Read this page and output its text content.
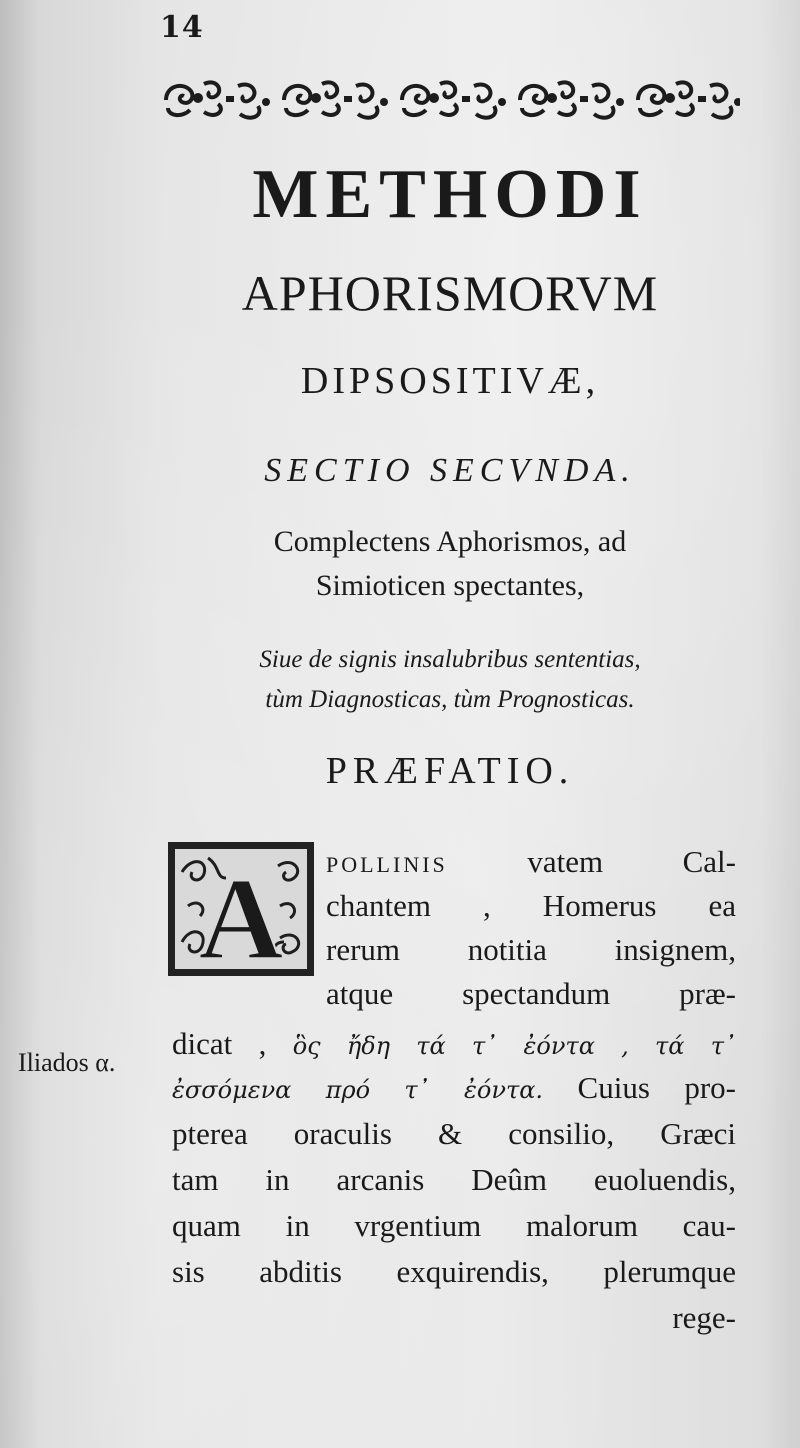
14
METHODI
APHORISMORVM
DIPSOSITIVÆ,
SECTIO SECVNDA.
Complectens Aphorismos, ad
Simioticen spectantes,
Siue de signis insalubribus sententias,
tùm Diagnosticas, tùm Prognosticas.
PRÆFATIO.
A POLLINIS	vatem Cal-
chantem , Homerus ea
rerum notitia insignem,
atque spectandum præ-
Iliados α.
dicat , ὃς ἤδη τά τ᾽ ἐόντα , τά τ᾽
ἐσσόμενα πρό τ᾽ ἐόντα. Cuius pro-
pterea oraculis & consilio, Græci
tam in arcanis Deûm euoluendis,
quam in vrgentium malorum cau-
sis abditis exquirendis, plerumque
rege-
